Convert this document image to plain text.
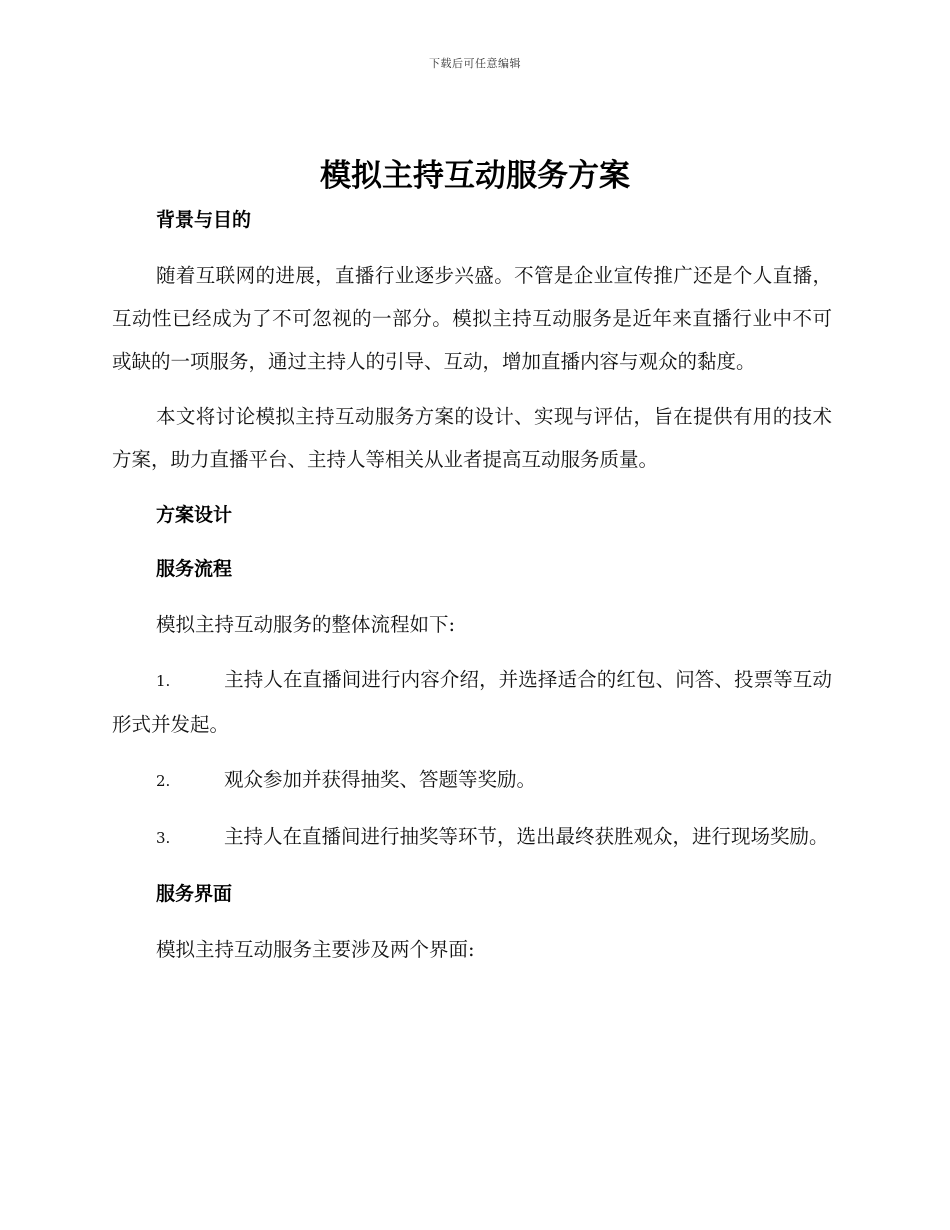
下载后可任意编辑
模拟主持互动服务方案

背景与目的

随着互联网的进展，直播行业逐步兴盛。不管是企业宣传推广还是个人直播，互动性已经成为了不可忽视的一部分。模拟主持互动服务是近年来直播行业中不可或缺的一项服务，通过主持人的引导、互动，增加直播内容与观众的黏度。

本文将讨论模拟主持互动服务方案的设计、实现与评估，旨在提供有用的技术方案，助力直播平台、主持人等相关从业者提高互动服务质量。

方案设计

服务流程

模拟主持互动服务的整体流程如下:

1.	主持人在直播间进行内容介绍，并选择适合的红包、问答、投票等互动形式并发起。

2.	观众参加并获得抽奖、答题等奖励。

3.	主持人在直播间进行抽奖等环节，选出最终获胜观众，进行现场奖励。

服务界面

模拟主持互动服务主要涉及两个界面:
